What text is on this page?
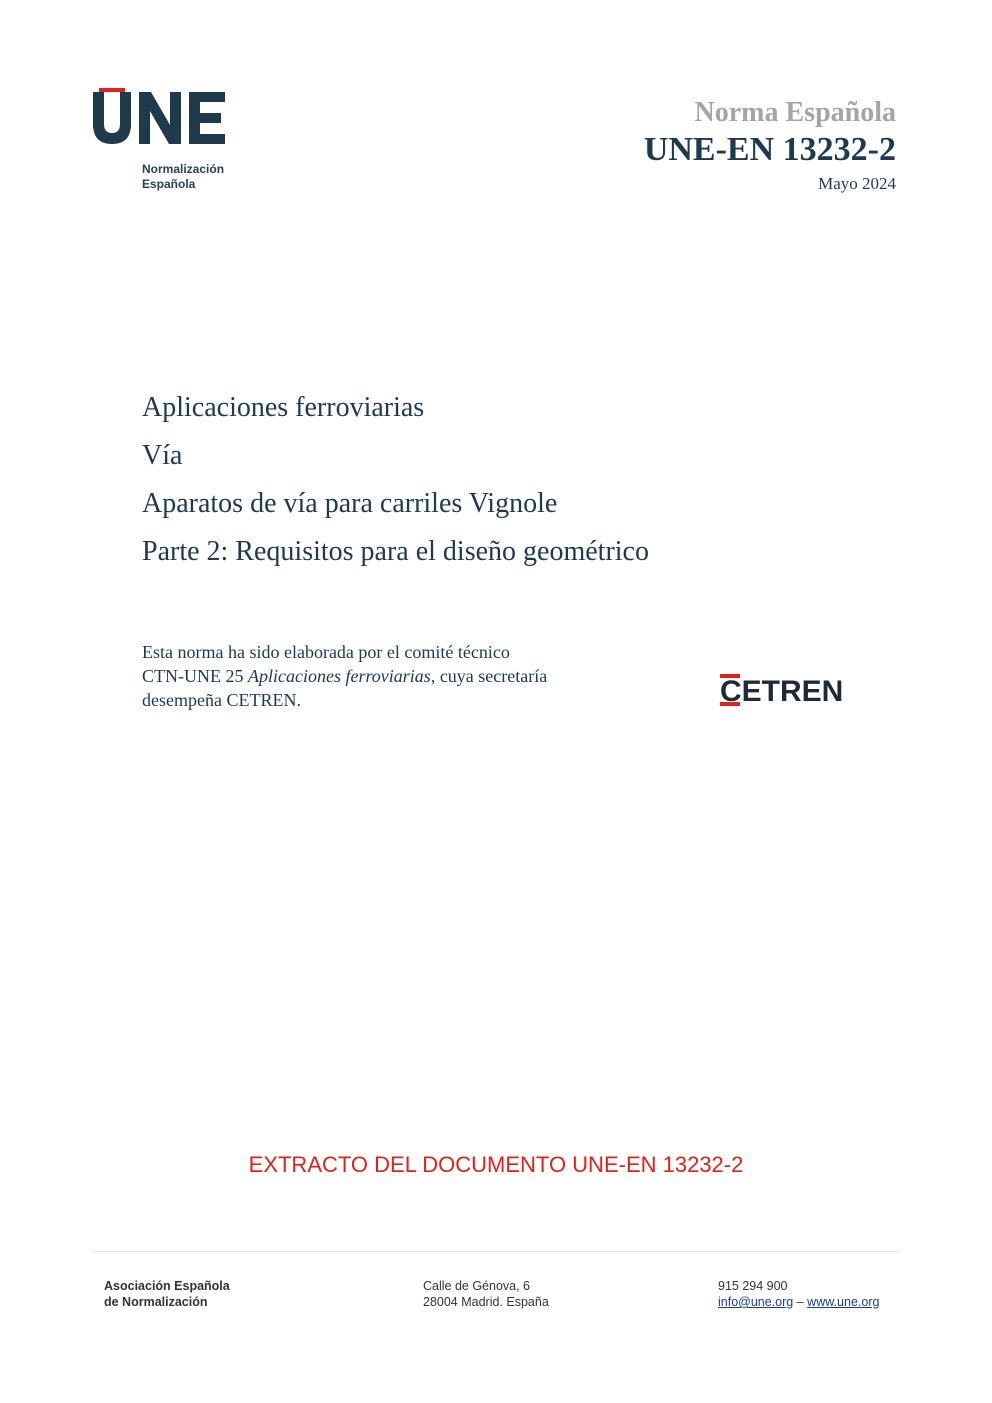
Normalización
Española
Norma Española
UNE-EN 13232-2
Mayo 2024
Aplicaciones ferroviarias
Vía
Aparatos de vía para carriles Vignole
Parte 2: Requisitos para el diseño geométrico
Esta norma ha sido elaborada por el comité técnico
CTN-UNE 25 Aplicaciones ferroviarias, cuya secretaría
desempeña CETREN.	CETREN
EXTRACTO DEL DOCUMENTO UNE-EN 13232-2
Asociación Española
de Normalización
Calle de Génova, 6
28004 Madrid. España
915 294 900
info@une.org – www.une.org
